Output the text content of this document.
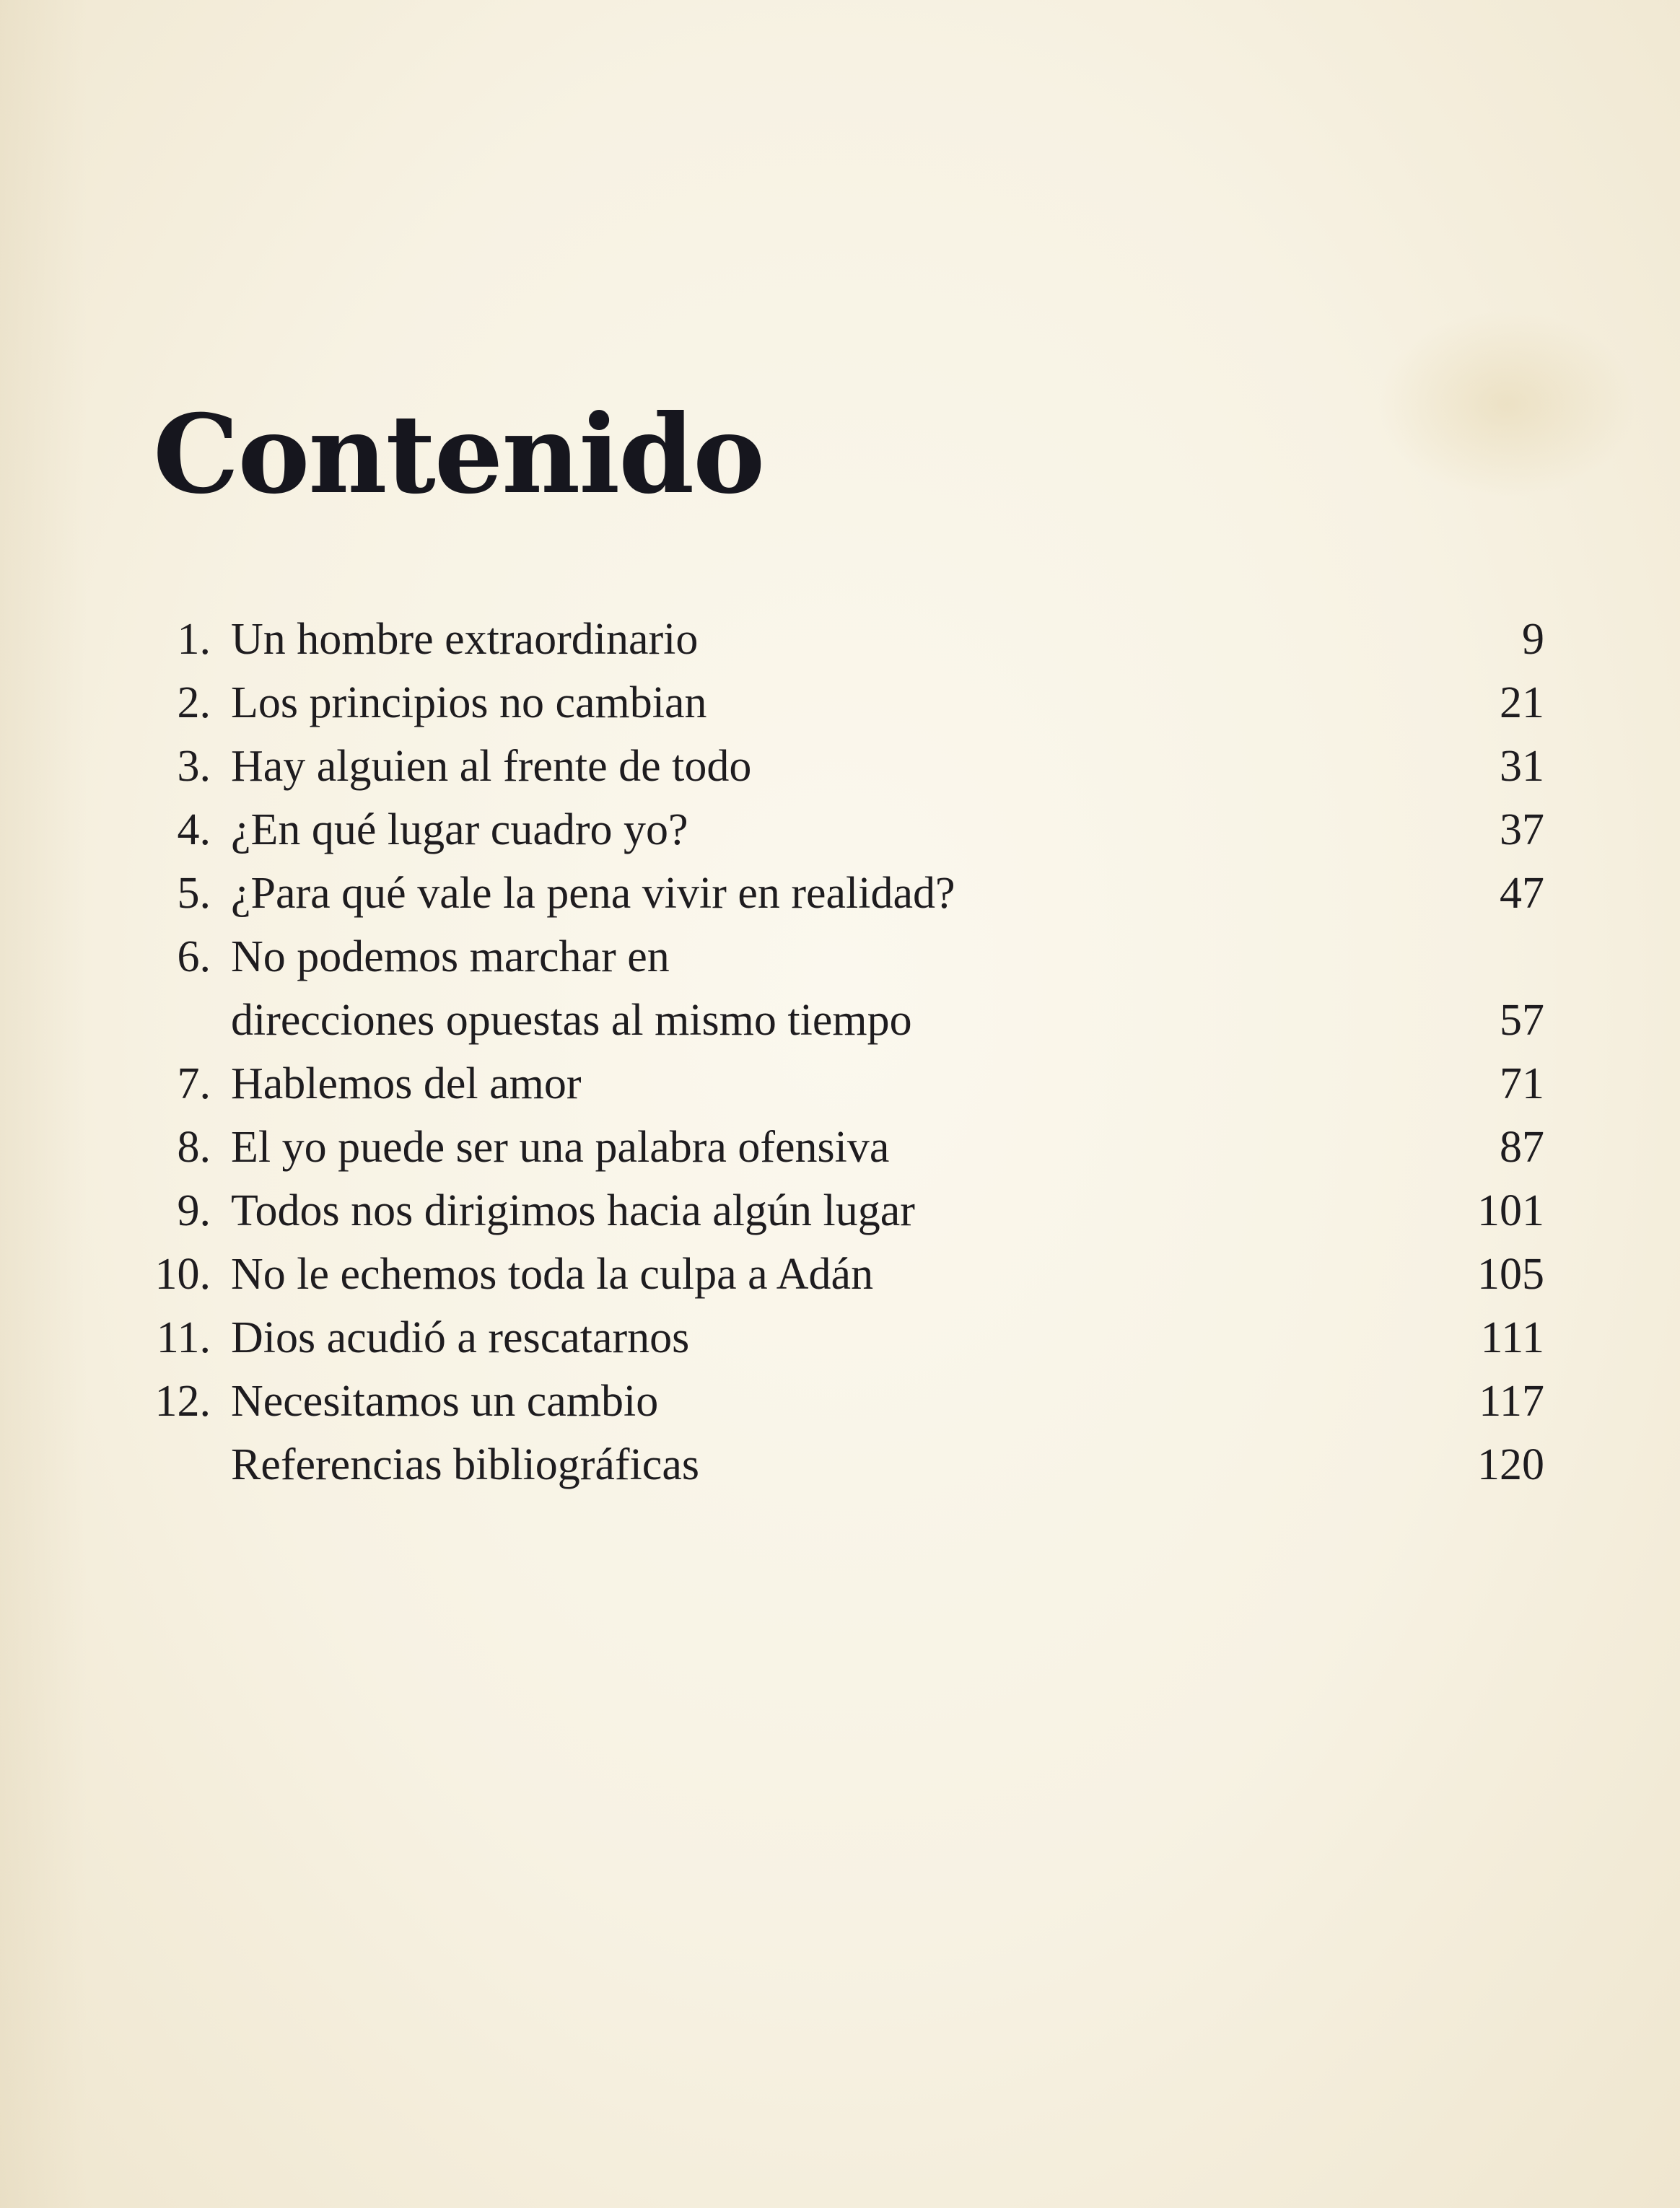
Contenido
1. Un hombre extraordinario	9
2. Los principios no cambian	21
3. Hay alguien al frente de todo	31
4. ¿En qué lugar cuadro yo?	37
5. ¿Para qué vale la pena vivir en realidad?	47
6. No podemos marchar en
direcciones opuestas al mismo tiempo	57
7. Hablemos del amor	71
8. El yo puede ser una palabra ofensiva	87
9. Todos nos dirigimos hacia algún lugar	101
10. No le echemos toda la culpa a Adán	105
11. Dios acudió a rescatarnos	111
12. Necesitamos un cambio	117
Referencias bibliográficas	120
